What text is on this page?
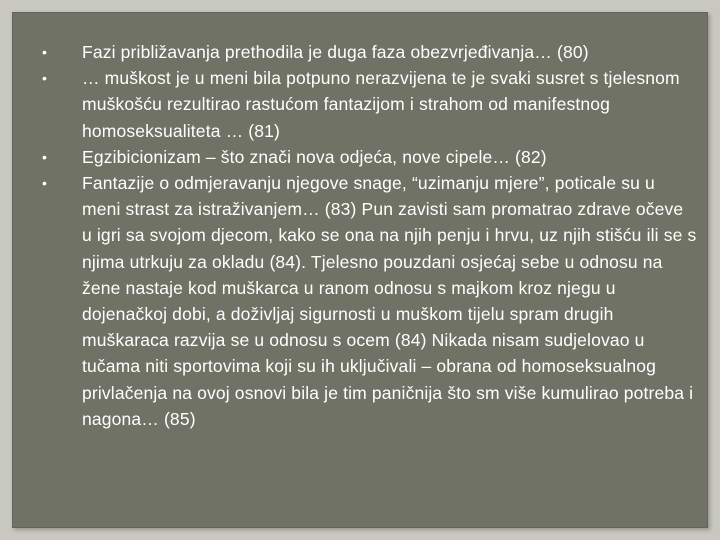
• Fazi približavanja prethodila je duga faza obezvrjeđivanja… (80)
• … muškost je u meni bila potpuno nerazvijena te je svaki susret s tjelesnom muškošću rezultirao rastućom fantazijom i strahom od manifestnog homoseksualiteta … (81)
• Egzibicionizam – što znači nova odjeća, nove cipele… (82)
• Fantazije o odmjeravanju njegove snage, “uzimanju mjere”, poticale su u meni strast za istraživanjem… (83) Pun zavisti sam promatrao zdrave očeve u igri sa svojom djecom, kako se ona na njih penju i hrvu, uz njih stišću ili se s njima utrkuju za okladu (84). Tjelesno pouzdani osjećaj sebe u odnosu na žene nastaje kod muškarca u ranom odnosu s majkom kroz njegu u dojenačkoj dobi, a doživljaj sigurnosti u muškom tijelu spram drugih muškaraca razvija se u odnosu s ocem (84) Nikada nisam sudjelovao u tučama niti sportovima koji su ih uključivali – obrana od homoseksualnog privlačenja na ovoj osnovi bila je tim paničnija što sm više kumulirao potreba i nagona… (85)
